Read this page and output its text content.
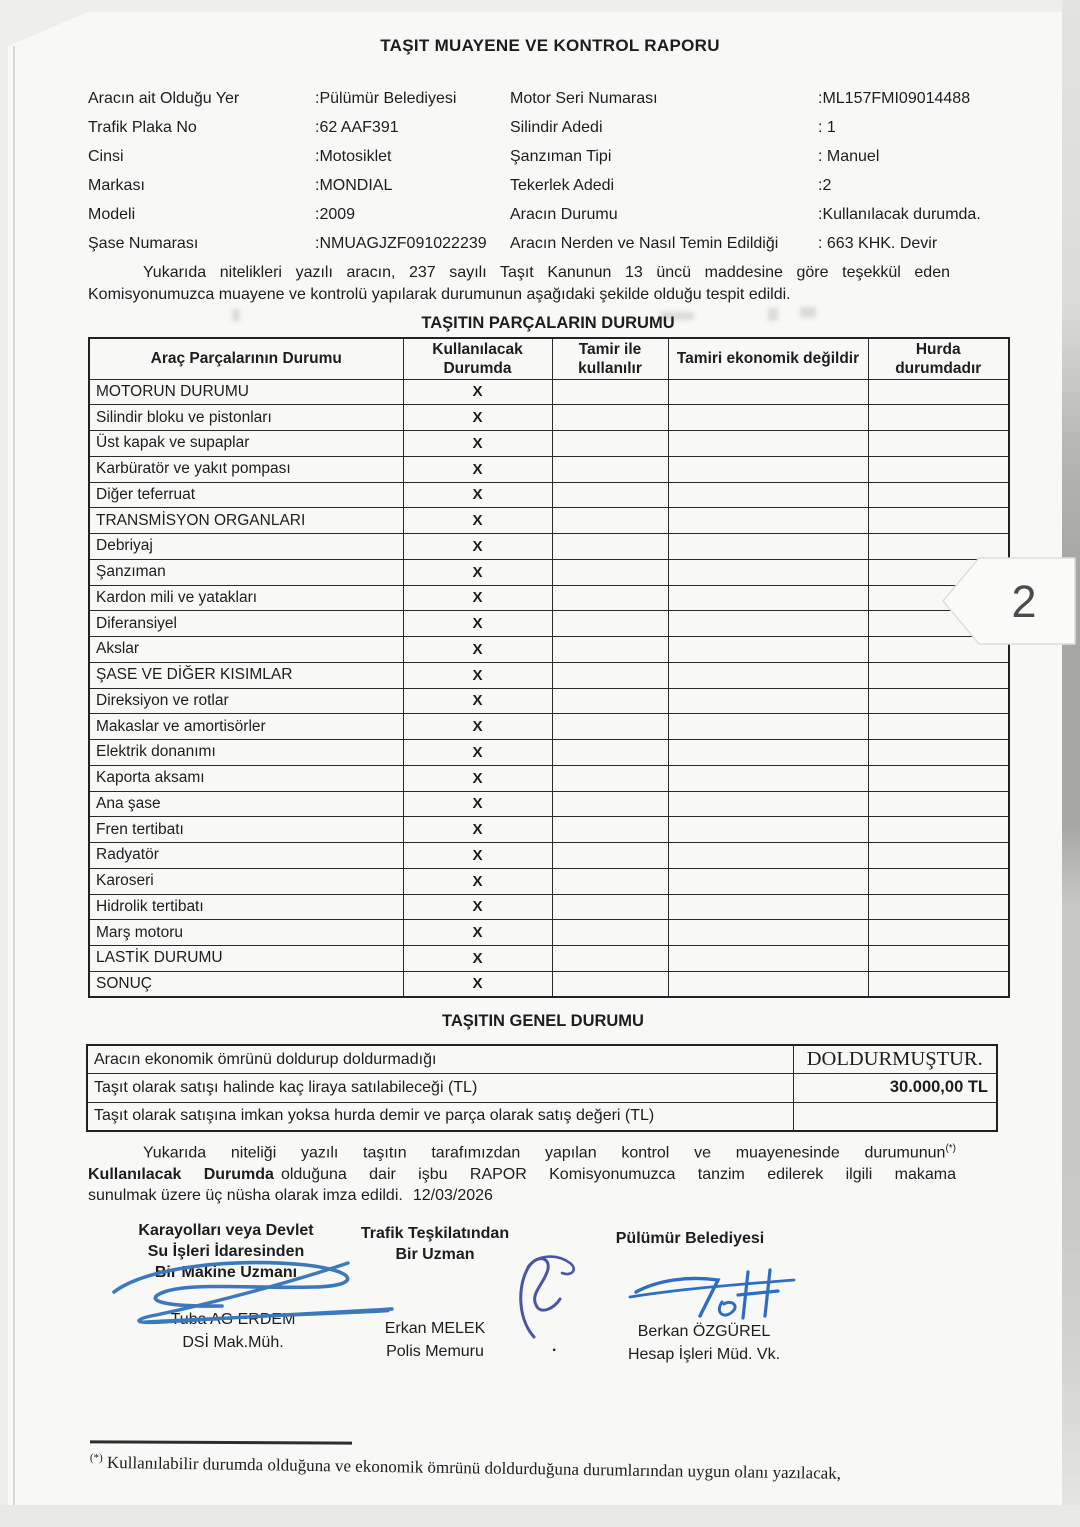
TAŞIT MUAYENE VE KONTROL RAPORU
Aracın ait Olduğu Yer	:Pülümür Belediyesi	Motor Seri Numarası	:ML157FMI09014488
Trafik Plaka No	:62 AAF391	Silindir Adedi	: 1
Cinsi	:Motosiklet	Şanzıman Tipi	: Manuel
Markası	:MONDIAL	Tekerlek Adedi	:2
Modeli	:2009	Aracın Durumu	:Kullanılacak durumda.
Şase Numarası	:NMUAGJZF091022239	Aracın Nerden ve Nasıl Temin Edildiği	: 663 KHK. Devir
Yukarıda nitelikleri yazılı aracın, 237 sayılı Taşıt Kanunun 13 üncü maddesine göre teşekkül eden
Komisyonumuzca muayene ve kontrolü yapılarak durumunun aşağıdaki şekilde olduğu tespit edildi.
TAŞITIN PARÇALARIN DURUMU
Araç Parçalarının Durumu	Kullanılacak Durumda	Tamir ile kullanılır	Tamiri ekonomik değildir	Hurda durumdadır
MOTORUN DURUMU	X			
Silindir bloku ve pistonları	X			
Üst kapak ve supaplar	X			
Karbüratör ve yakıt pompası	X			
Diğer teferruat	X			
TRANSMİSYON ORGANLARI	X			
Debriyaj	X			
Şanzıman	X			
Kardon mili ve yatakları	X			
Diferansiyel	X			
Akslar	X			
ŞASE VE DİĞER KISIMLAR	X			
Direksiyon ve rotlar	X			
Makaslar ve amortisörler	X			
Elektrik donanımı	X			
Kaporta aksamı	X			
Ana şase	X			
Fren tertibatı	X			
Radyatör	X			
Karoseri	X			
Hidrolik tertibatı	X			
Marş motoru	X			
LASTİK DURUMU	X			
SONUÇ	X			
TAŞITIN GENEL DURUMU
Aracın ekonomik ömrünü doldurup doldurmadığı	DOLDURMUŞTUR.
Taşıt olarak satışı halinde kaç liraya satılabileceği (TL)	30.000,00 TL
Taşıt olarak satışına imkan yoksa hurda demir ve parça olarak satış değeri (TL)	
Yukarıda niteliği yazılı taşıtın tarafımızdan yapılan kontrol ve muayenesinde durumunun(*)
Kullanılacak Durumda olduğuna dair işbu RAPOR Komisyonumuzca tanzim edilerek ilgili makama
sunulmak üzere üç nüsha olarak imza edildi. 12/03/2026
Karayolları veya Devlet
Su İşleri İdaresinden
Bir Makine Uzmanı
Tuba AG ERDEM
DSİ Mak.Müh.
Trafik Teşkilatından
Bir Uzman
Erkan MELEK
Polis Memuru
Pülümür Belediyesi
Berkan ÖZGÜREL
Hesap İşleri Müd. Vk.
.
(*) Kullanılabilir durumda olduğuna ve ekonomik ömrünü doldurduğuna durumlarından uygun olanı yazılacak,
2
